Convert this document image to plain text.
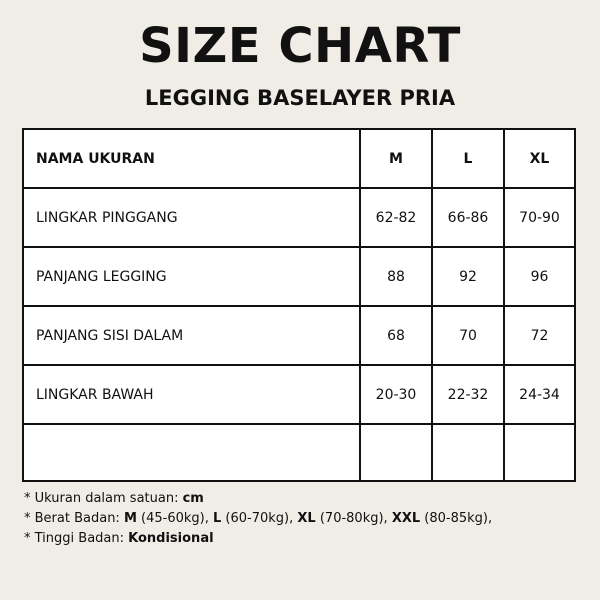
SIZE CHART
LEGGING BASELAYER PRIA
NAMA UKURAN	M	L	XL
LINGKAR PINGGANG	62-82	66-86	70-90
PANJANG LEGGING	88	92	96
PANJANG SISI DALAM	68	70	72
LINGKAR BAWAH	20-30	22-32	24-34
* Ukuran dalam satuan: cm
* Berat Badan: M (45-60kg), L (60-70kg), XL (70-80kg), XXL (80-85kg),
* Tinggi Badan: Kondisional
